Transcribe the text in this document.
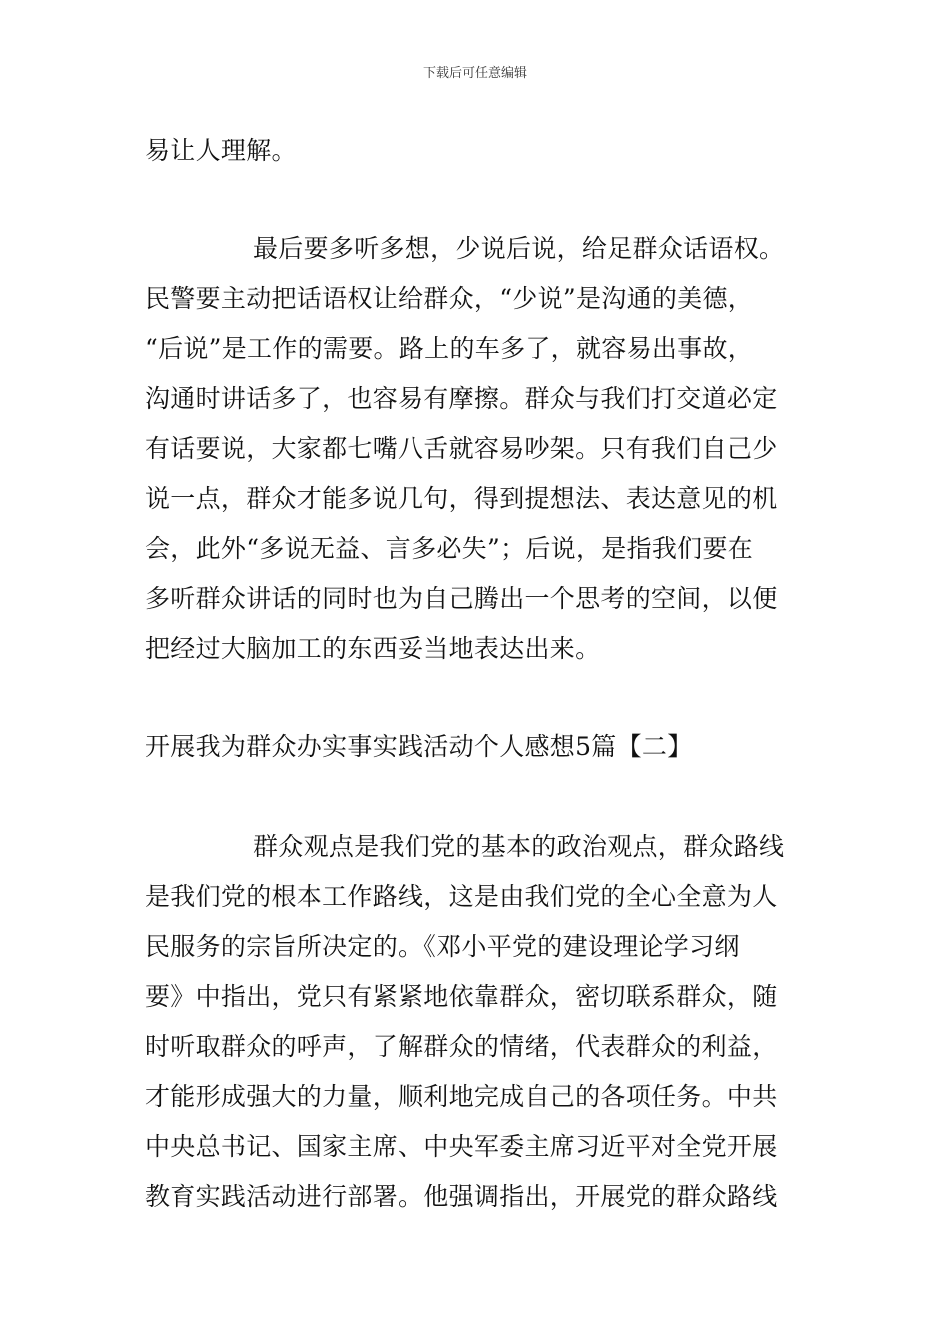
下载后可任意编辑
易让人理解。
最后要多听多想，少说后说，给足群众话语权。
民警要主动把话语权让给群众，“少说”是沟通的美德，
“后说”是工作的需要。路上的车多了，就容易出事故，
沟通时讲话多了，也容易有摩擦。群众与我们打交道必定
有话要说，大家都七嘴八舌就容易吵架。只有我们自己少
说一点，群众才能多说几句，得到提想法、表达意见的机
会，此外“多说无益、言多必失”；后说，是指我们要在
多听群众讲话的同时也为自己腾出一个思考的空间，以便
把经过大脑加工的东西妥当地表达出来。
开展我为群众办实事实践活动个人感想5篇【二】
群众观点是我们党的基本的政治观点，群众路线
是我们党的根本工作路线，这是由我们党的全心全意为人
民服务的宗旨所决定的。《邓小平党的建设理论学习纲
要》中指出，党只有紧紧地依靠群众，密切联系群众，随
时听取群众的呼声，了解群众的情绪，代表群众的利益，
才能形成强大的力量，顺利地完成自己的各项任务。中共
中央总书记、国家主席、中央军委主席习近平对全党开展
教育实践活动进行部署。他强调指出，开展党的群众路线
